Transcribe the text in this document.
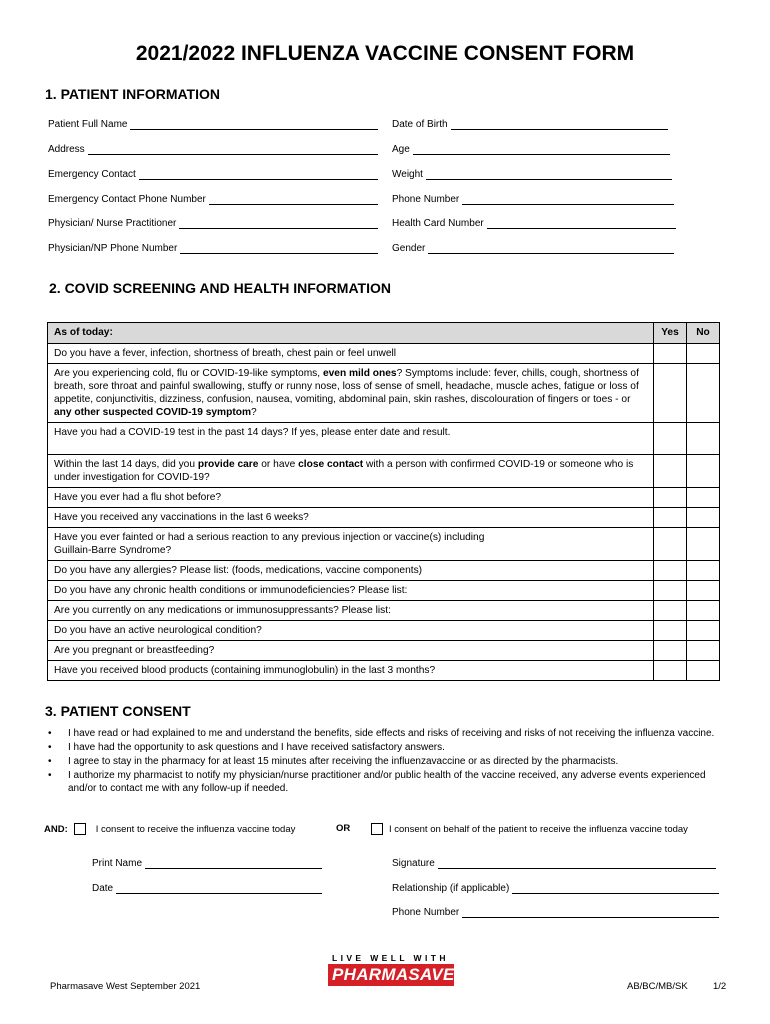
2021/2022 INFLUENZA VACCINE CONSENT FORM
1. PATIENT INFORMATION
Patient Full Name	Date of Birth
Address	Age
Emergency Contact	Weight
Emergency Contact Phone Number	Phone Number
Physician/ Nurse Practitioner	Health Card Number
Physician/NP Phone Number	Gender
2. COVID SCREENING AND HEALTH INFORMATION
As of today:	Yes	No
Do you have a fever, infection, shortness of breath, chest pain or feel unwell		
Are you experiencing cold, flu or COVID-19-like symptoms, even mild ones? Symptoms include: fever, chills, cough, shortness of breath, sore throat and painful swallowing, stuffy or runny nose, loss of sense of smell, headache, muscle aches, fatigue or loss of appetite, conjunctivitis, dizziness, confusion, nausea, vomiting, abdominal pain, skin rashes, discolouration of fingers or toes - or any other suspected COVID-19 symptom?		
Have you had a COVID-19 test in the past 14 days? If yes, please enter date and result.		
Within the last 14 days, did you provide care or have close contact with a person with confirmed COVID-19 or someone who is under investigation for COVID-19?		
Have you ever had a flu shot before?		
Have you received any vaccinations in the last 6 weeks?		
Have you ever fainted or had a serious reaction to any previous injection or vaccine(s) including Guillain-Barre Syndrome?		
Do you have any allergies? Please list: (foods, medications, vaccine components)		
Do you have any chronic health conditions or immunodeficiencies? Please list:		
Are you currently on any medications or immunosuppressants? Please list:		
Do you have an active neurological condition?		
Are you pregnant or breastfeeding?		
Have you received blood products (containing immunoglobulin) in the last 3 months?		
3. PATIENT CONSENT
• I have read or had explained to me and understand the benefits, side effects and risks of receiving and risks of not receiving the influenza vaccine.
• I have had the opportunity to ask questions and I have received satisfactory answers.
• I agree to stay in the pharmacy for at least 15 minutes after receiving the influenzavaccine or as directed by the pharmacists.
• I authorize my pharmacist to notify my physician/nurse practitioner and/or public health of the vaccine received, any adverse events experienced and/or to contact me with any follow-up if needed.
AND:	I consent to receive the influenza vaccine today	OR	I consent on behalf of the patient to receive the influenza vaccine today
Print Name	Signature
Date	Relationship (if applicable)
Phone Number
LIVE WELL WITH
PHARMASAVE
Pharmasave West September 2021	AB/BC/MB/SK	1/2
